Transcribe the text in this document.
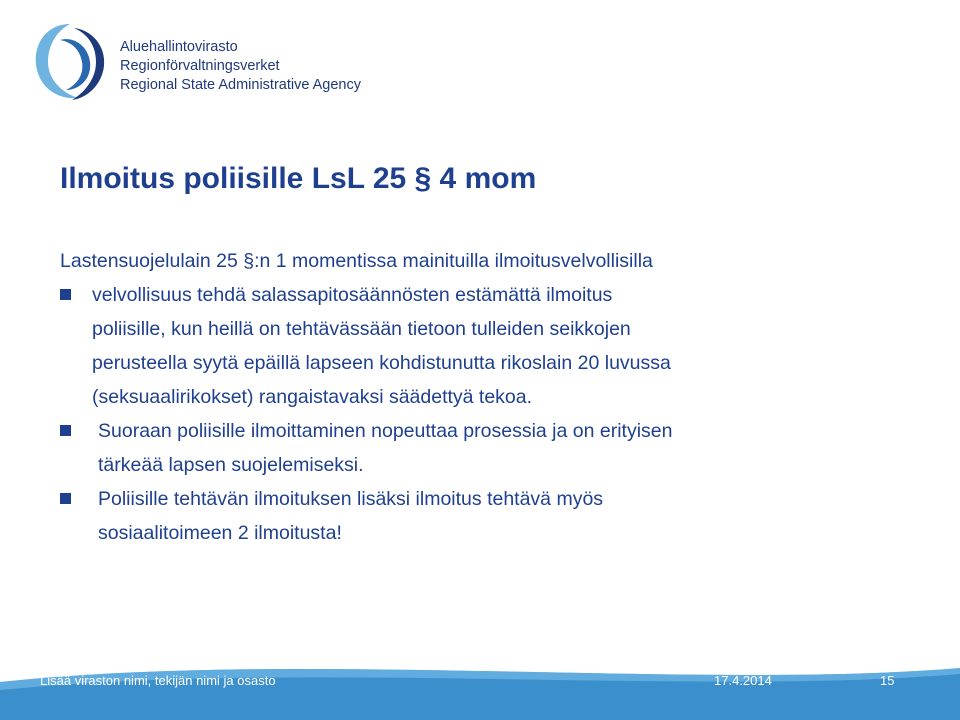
Aluehallintovirasto
Regionförvaltningsverket
Regional State Administrative Agency
Ilmoitus poliisille LsL 25 § 4 mom
Lastensuojelulain 25 §:n 1 momentissa mainituilla ilmoitusvelvollisilla
velvollisuus tehdä salassapitosäännösten estämättä ilmoitus
poliisille, kun heillä on tehtävässään tietoon tulleiden seikkojen
perusteella syytä epäillä lapseen kohdistunutta rikoslain 20 luvussa
(seksuaalirikokset) rangaistavaksi säädettyä tekoa.
Suoraan poliisille ilmoittaminen nopeuttaa prosessia ja on erityisen
tärkeää lapsen suojelemiseksi.
Poliisille tehtävän ilmoituksen lisäksi ilmoitus tehtävä myös
sosiaalitoimeen 2 ilmoitusta!
Lisää viraston nimi, tekijän nimi ja osasto	17.4.2014	15
